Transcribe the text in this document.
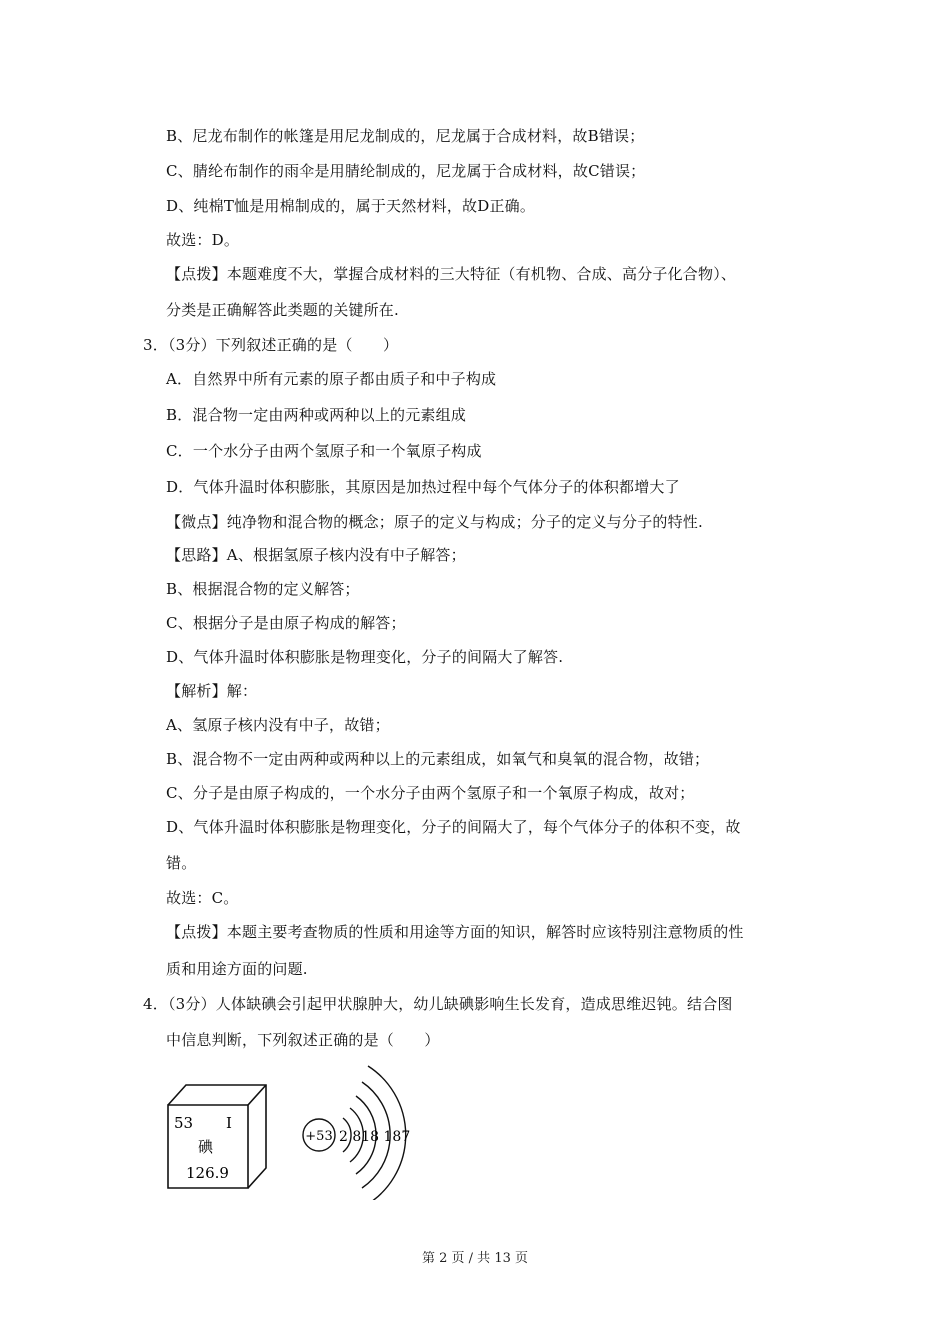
B、尼龙布制作的帐篷是用尼龙制成的，尼龙属于合成材料，故B错误；
C、腈纶布制作的雨伞是用腈纶制成的，尼龙属于合成材料，故C错误；
D、纯棉T恤是用棉制成的，属于天然材料，故D正确。
故选：D。
【点拨】本题难度不大，掌握合成材料的三大特征（有机物、合成、高分子化合物）、
分类是正确解答此类题的关键所在.
3．（3分）下列叙述正确的是（　　）
A．自然界中所有元素的原子都由质子和中子构成
B．混合物一定由两种或两种以上的元素组成
C．一个水分子由两个氢原子和一个氧原子构成
D．气体升温时体积膨胀，其原因是加热过程中每个气体分子的体积都增大了
【微点】纯净物和混合物的概念；原子的定义与构成；分子的定义与分子的特性.
【思路】A、根据氢原子核内没有中子解答；
B、根据混合物的定义解答；
C、根据分子是由原子构成的解答；
D、气体升温时体积膨胀是物理变化，分子的间隔大了解答.
【解析】解：
A、氢原子核内没有中子，故错；
B、混合物不一定由两种或两种以上的元素组成，如氧气和臭氧的混合物，故错；
C、分子是由原子构成的，一个水分子由两个氢原子和一个氧原子构成，故对；
D、气体升温时体积膨胀是物理变化，分子的间隔大了，每个气体分子的体积不变，故
错。
故选：C。
【点拨】本题主要考查物质的性质和用途等方面的知识，解答时应该特别注意物质的性
质和用途方面的问题.
4．（3分）人体缺碘会引起甲状腺肿大，幼儿缺碘影响生长发育，造成思维迟钝。结合图
中信息判断，下列叙述正确的是（　　）
53 I
碘
126.9
+53 2 818 187
第 2 页 / 共 13 页
